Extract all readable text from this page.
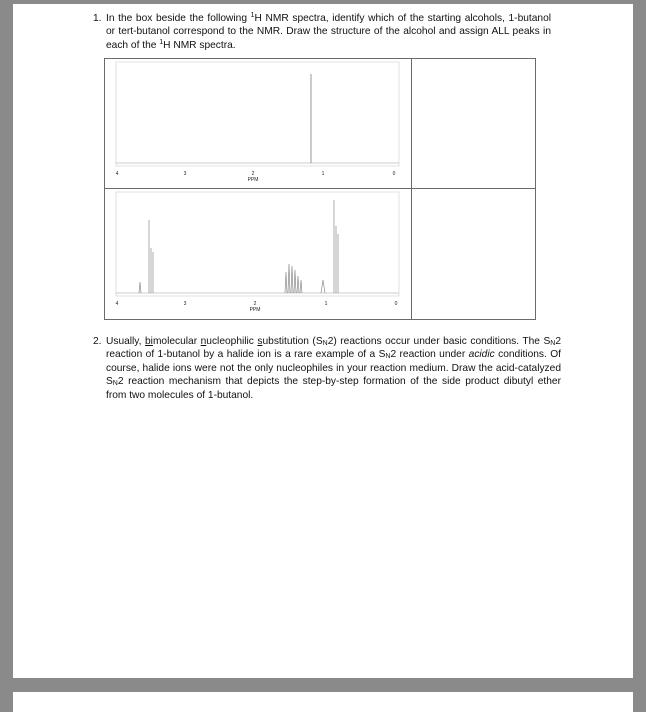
1. In the box beside the following $^1$H NMR spectra, identify which of the starting alcohols, 1-butanol or tert-butanol correspond to the NMR. Draw the structure of the alcohol and assign ALL peaks in each of the $^1$H NMR spectra.

4	3	2	1	0
PPM
4	3	2	1	0
PPM
2. Usually, bimolecular nucleophilic substitution $(S_N2)$ reactions occur under basic conditions. The $S_N2$ reaction of 1-butanol by a halide ion is a rare example of a $S_N2$ reaction under acidic conditions. Of course, halide ions were not the only nucleophiles in your reaction medium. Draw the acid-catalyzed $S_N2$ reaction mechanism that depicts the step-by-step formation of the side product dibutyl ether from two molecules of 1-butanol.
